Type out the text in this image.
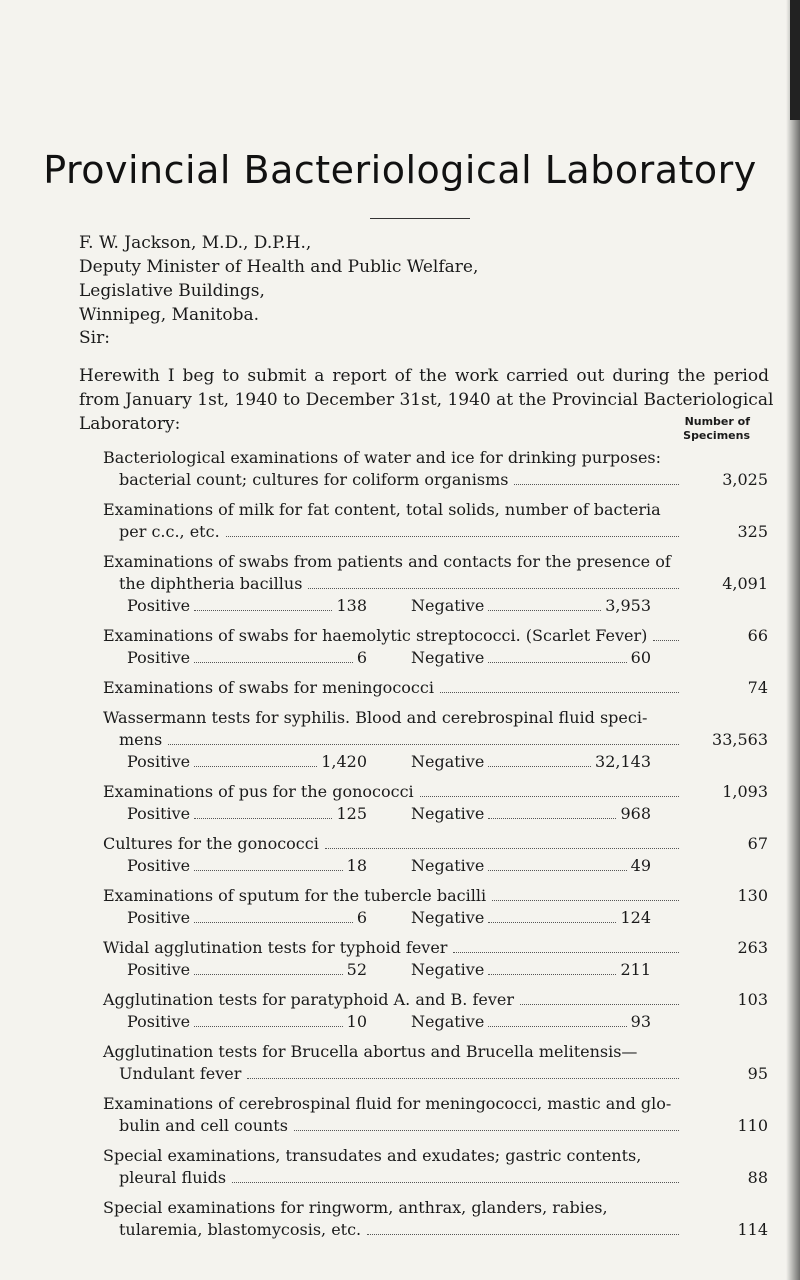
Provincial Bacteriological Laboratory
F. W. Jackson, M.D., D.P.H.,
Deputy Minister of Health and Public Welfare,
Legislative Buildings,
Winnipeg, Manitoba.
Sir:
Herewith I beg to submit a report of the work carried out during the period
from January 1st, 1940 to December 31st, 1940 at the Provincial Bacteriological
Laboratory:	Number of
Specimens
Bacteriological examinations of water and ice for drinking purposes:
bacterial count; cultures for coliform organisms	3,025
Examinations of milk for fat content, total solids, number of bacteria
per c.c., etc.	325
Examinations of swabs from patients and contacts for the presence of
the diphtheria bacillus	4,091
Positive	138	Negative	3,953
Examinations of swabs for haemolytic streptococci. (Scarlet Fever)	66
Positive	6	Negative	60
Examinations of swabs for meningococci	74
Wassermann tests for syphilis. Blood and cerebrospinal fluid speci-
mens	33,563
Positive	1,420	Negative	32,143
Examinations of pus for the gonococci	1,093
Positive	125	Negative	968
Cultures for the gonococci	67
Positive	18	Negative	49
Examinations of sputum for the tubercle bacilli	130
Positive	6	Negative	124
Widal agglutination tests for typhoid fever	263
Positive	52	Negative	211
Agglutination tests for paratyphoid A. and B. fever	103
Positive	10	Negative	93
Agglutination tests for Brucella abortus and Brucella melitensis—
Undulant fever	95
Examinations of cerebrospinal fluid for meningococci, mastic and glo-
bulin and cell counts	110
Special examinations, transudates and exudates; gastric contents,
pleural fluids	88
Special examinations for ringworm, anthrax, glanders, rabies,
tularemia, blastomycosis, etc.	114
